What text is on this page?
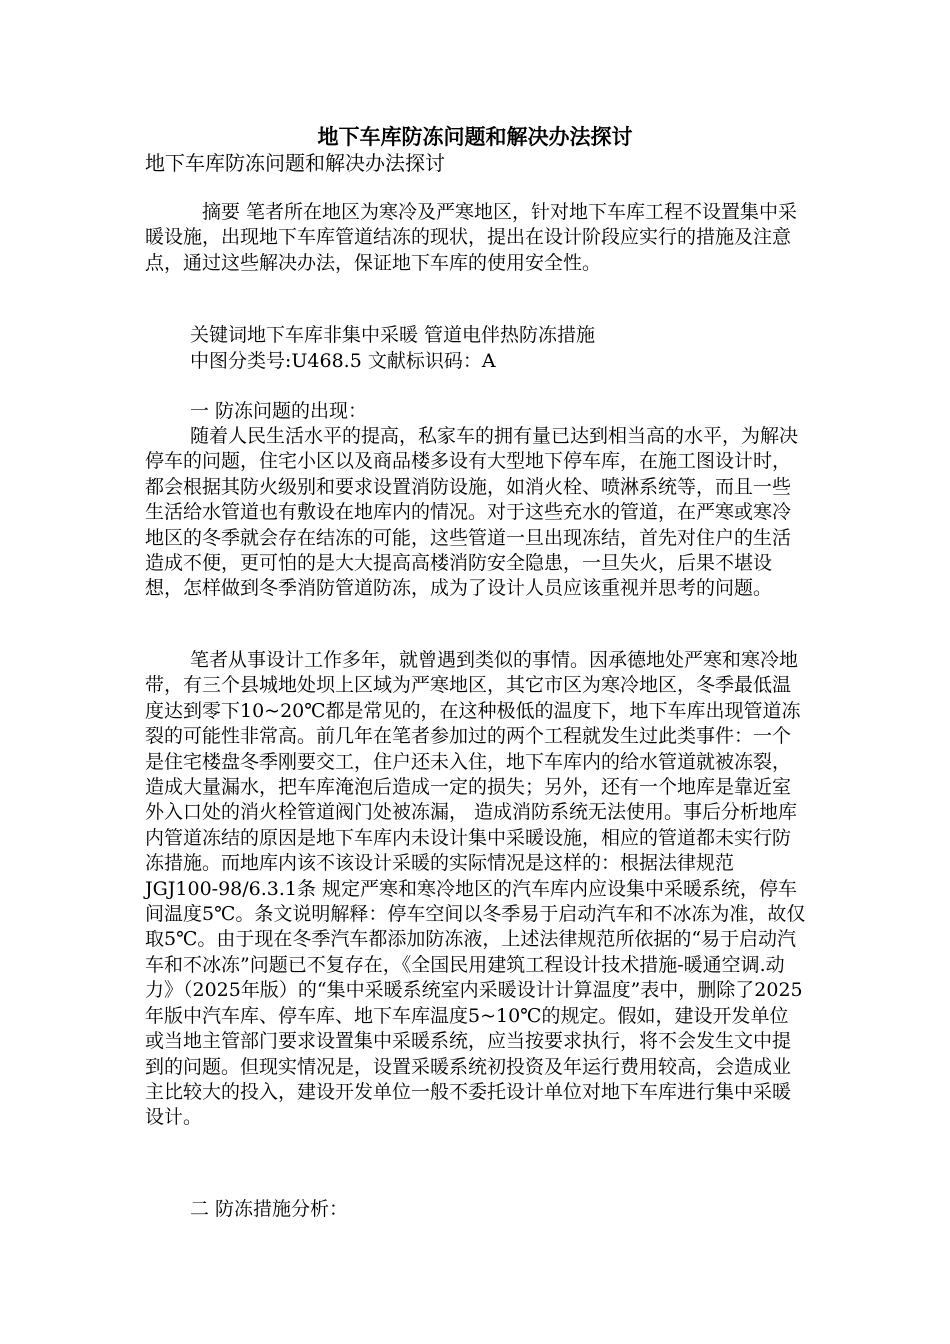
地下车库防冻问题和解决办法探讨
地下车库防冻问题和解决办法探讨
摘要 笔者所在地区为寒冷及严寒地区，针对地下车库工程不设置集中采暖设施，出现地下车库管道结冻的现状，提出在设计阶段应实行的措施及注意点，通过这些解决办法，保证地下车库的使用安全性。
关键词地下车库非集中采暖 管道电伴热防冻措施
中图分类号:U468.5 文献标识码：A
一 防冻问题的出现：
随着人民生活水平的提高，私家车的拥有量已达到相当高的水平，为解决停车的问题，住宅小区以及商品楼多设有大型地下停车库，在施工图设计时，都会根据其防火级别和要求设置消防设施，如消火栓、喷淋系统等，而且一些生活给水管道也有敷设在地库内的情况。对于这些充水的管道，在严寒或寒冷地区的冬季就会存在结冻的可能，这些管道一旦出现冻结，首先对住户的生活造成不便，更可怕的是大大提高高楼消防安全隐患，一旦失火，后果不堪设想，怎样做到冬季消防管道防冻，成为了设计人员应该重视并思考的问题。
笔者从事设计工作多年，就曾遇到类似的事情。因承德地处严寒和寒冷地带，有三个县城地处坝上区域为严寒地区，其它市区为寒冷地区，冬季最低温度达到零下10~20℃都是常见的，在这种极低的温度下，地下车库出现管道冻裂的可能性非常高。前几年在笔者参加过的两个工程就发生过此类事件：一个是住宅楼盘冬季刚要交工，住户还未入住，地下车库内的给水管道就被冻裂，造成大量漏水，把车库淹泡后造成一定的损失；另外，还有一个地库是靠近室外入口处的消火栓管道阀门处被冻漏， 造成消防系统无法使用。事后分析地库内管道冻结的原因是地下车库内未设计集中采暖设施，相应的管道都未实行防冻措施。而地库内该不该设计采暖的实际情况是这样的：根据法律规范JGJ100-98/6.3.1条 规定严寒和寒冷地区的汽车库内应设集中采暖系统，停车间温度5℃。条文说明解释：停车空间以冬季易于启动汽车和不冰冻为准，故仅取5℃。由于现在冬季汽车都添加防冻液，上述法律规范所依据的“易于启动汽车和不冰冻”问题已不复存在，《全国民用建筑工程设计技术措施-暖通空调.动力》（2025年版）的“集中采暖系统室内采暖设计计算温度”表中，删除了2025年版中汽车库、停车库、地下车库温度5~10℃的规定。假如，建设开发单位或当地主管部门要求设置集中采暖系统，应当按要求执行，将不会发生文中提到的问题。但现实情况是，设置采暖系统初投资及年运行费用较高，会造成业主比较大的投入，建设开发单位一般不委托设计单位对地下车库进行集中采暖设计。
二 防冻措施分析：
